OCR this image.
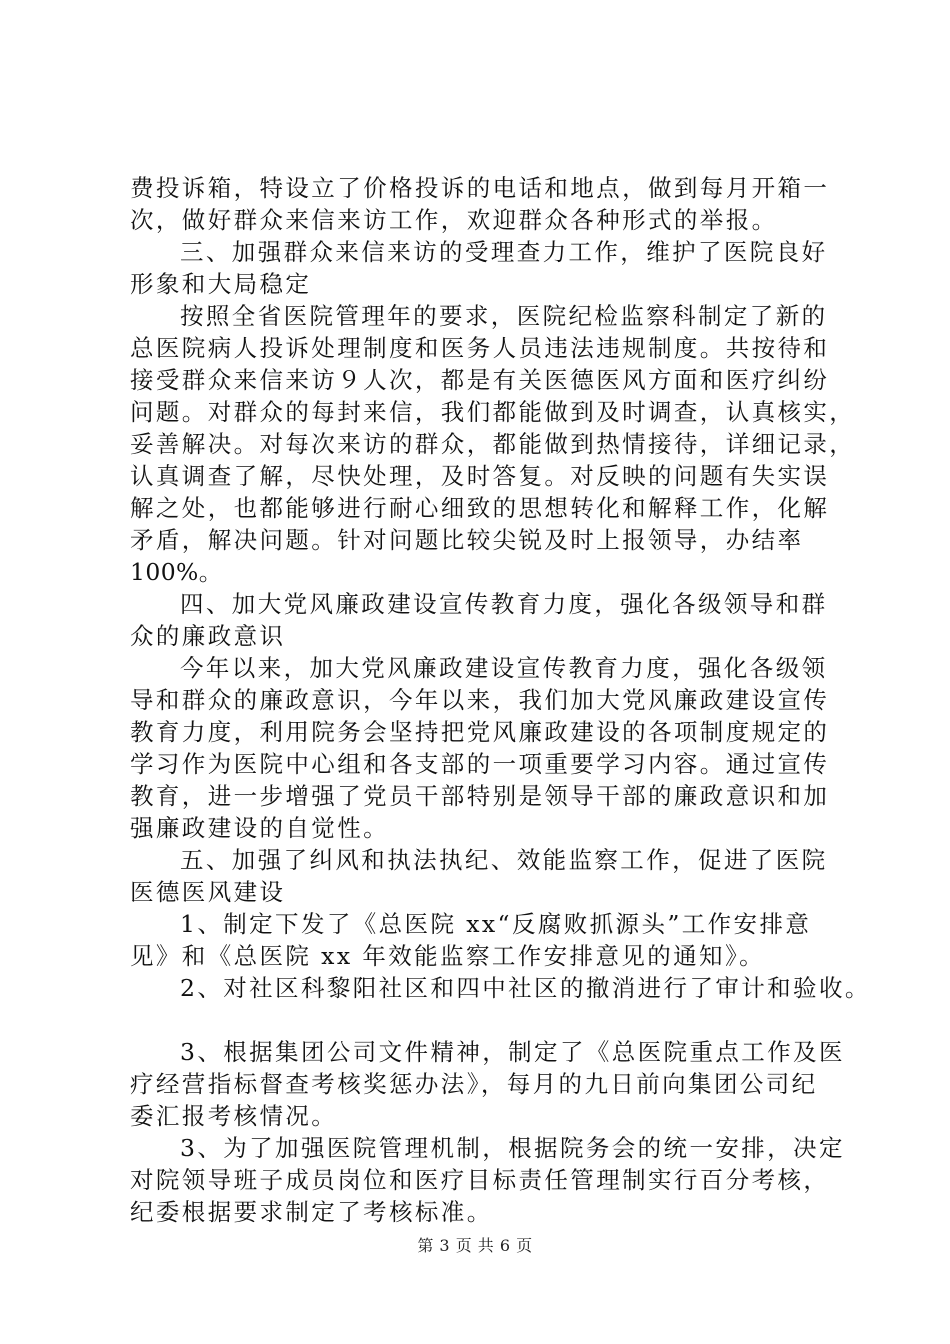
费投诉箱，特设立了价格投诉的电话和地点，做到每月开箱一
次，做好群众来信来访工作，欢迎群众各种形式的举报。
三、加强群众来信来访的受理查力工作，维护了医院良好
形象和大局稳定
按照全省医院管理年的要求，医院纪检监察科制定了新的
总医院病人投诉处理制度和医务人员违法违规制度。共按待和
接受群众来信来访９人次，都是有关医德医风方面和医疗纠纷
问题。对群众的每封来信，我们都能做到及时调查，认真核实，
妥善解决。对每次来访的群众，都能做到热情接待，详细记录，
认真调查了解，尽快处理，及时答复。对反映的问题有失实误
解之处，也都能够进行耐心细致的思想转化和解释工作，化解
矛盾，解决问题。针对问题比较尖锐及时上报领导，办结率
100%。
四、加大党风廉政建设宣传教育力度，强化各级领导和群
众的廉政意识
今年以来，加大党风廉政建设宣传教育力度，强化各级领
导和群众的廉政意识，今年以来，我们加大党风廉政建设宣传
教育力度，利用院务会坚持把党风廉政建设的各项制度规定的
学习作为医院中心组和各支部的一项重要学习内容。通过宣传
教育，进一步增强了党员干部特别是领导干部的廉政意识和加
强廉政建设的自觉性。
五、加强了纠风和执法执纪、效能监察工作，促进了医院
医德医风建设
1、制定下发了《总医院 xx“反腐败抓源头”工作安排意
见》和《总医院 xx 年效能监察工作安排意见的通知》。
2、对社区科黎阳社区和四中社区的撤消进行了审计和验收。
3、根据集团公司文件精神，制定了《总医院重点工作及医
疗经营指标督查考核奖惩办法》，每月的九日前向集团公司纪
委汇报考核情况。
3、为了加强医院管理机制，根据院务会的统一安排，决定
对院领导班子成员岗位和医疗目标责任管理制实行百分考核，
纪委根据要求制定了考核标准。
第 3 页 共 6 页
